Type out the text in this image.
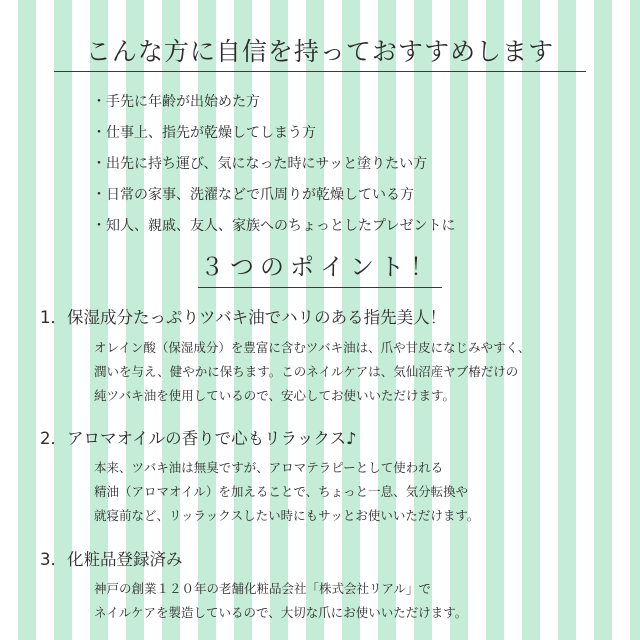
こんな方に自信を持っておすすめします
・手先に年齢が出始めた方
・仕事上、指先が乾燥してしまう方
・出先に持ち運び、気になった時にサッと塗りたい方
・日常の家事、洗濯などで爪周りが乾燥している方
・知人、親戚、友人、家族へのちょっとしたプレゼントに
３つのポイント！
1．保湿成分たっぷりツバキ油でハリのある指先美人！

オレイン酸（保湿成分）を豊富に含むツバキ油は、爪や甘皮になじみやすく、
潤いを与え、健やかに保ちます。このネイルケアは、気仙沼産ヤブ椿だけの
純ツバキ油を使用しているので、安心してお使いいただけます。

2．アロマオイルの香りで心もリラックス♪

本来、ツバキ油は無臭ですが、アロマテラピーとして使われる
精油（アロマオイル）を加えることで、ちょっと一息、気分転換や
就寝前など、リッラックスしたい時にもサッとお使いいただけます。

3．化粧品登録済み

神戸の創業１２０年の老舗化粧品会社「株式会社リアル」で
ネイルケアを製造しているので、大切な爪にお使いいただけます。
